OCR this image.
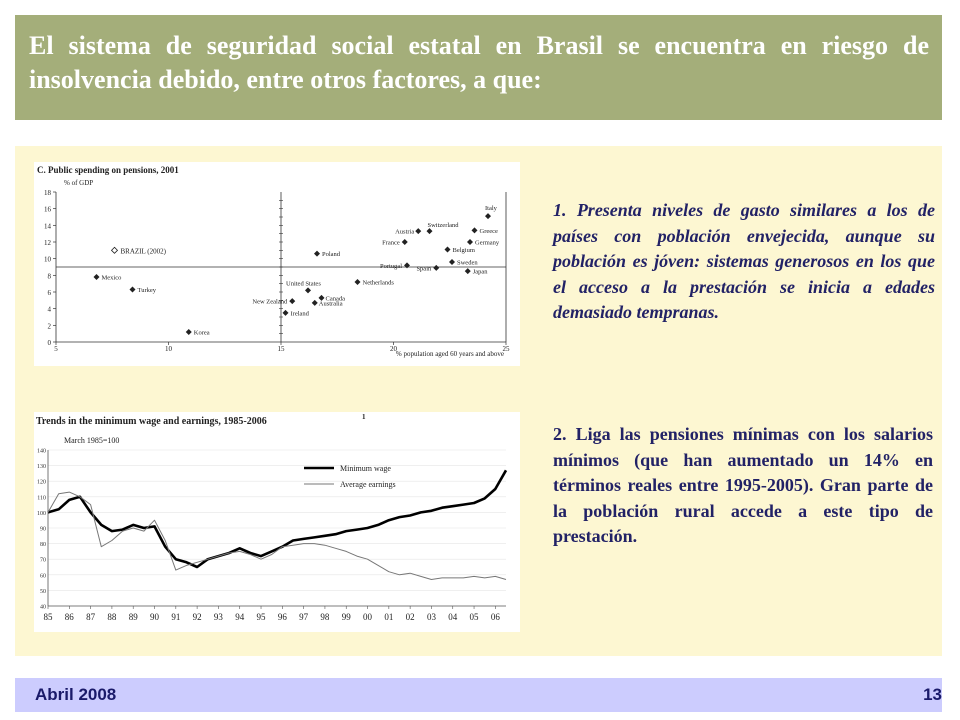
El sistema de seguridad social estatal en Brasil se encuentra en riesgo de insolvencia debido, entre otros factores, a que:
C. Public spending on pensions, 2001
% of GDP
% population aged 60 years and above
0
2
4
6
8
10
12
14
16
18
5	10	15	20	25
Italy
Greece
Austria
Switzerland
Germany
France
Belgium
Sweden
Portugal Spain	Japan
Poland
Netherlands
United States
Canada
Australia
New Zealand
Ireland
Mexico
Turkey
Korea
BRAZIL (2002)
Trends in the minimum wage and earnings, 1985-2006	1
March 1985=100
40
50
60
70
80
90
100
110
120
130
140
85 86 87 88 89 90 91 92 93 94 95 96 97 98 99 00 01 02 03 04 05 06
Minimum wage
Average earnings
1. Presenta niveles de gasto similares a los de países con población envejecida, aunque su población es jóven: sistemas generosos en los que el acceso a la prestación se inicia a edades demasiado tempranas.
2. Liga las pensiones mínimas con los salarios mínimos (que han aumentado un 14% en términos reales entre 1995-2005). Gran parte de la población rural accede a este tipo de prestación.
Abril 2008	13
